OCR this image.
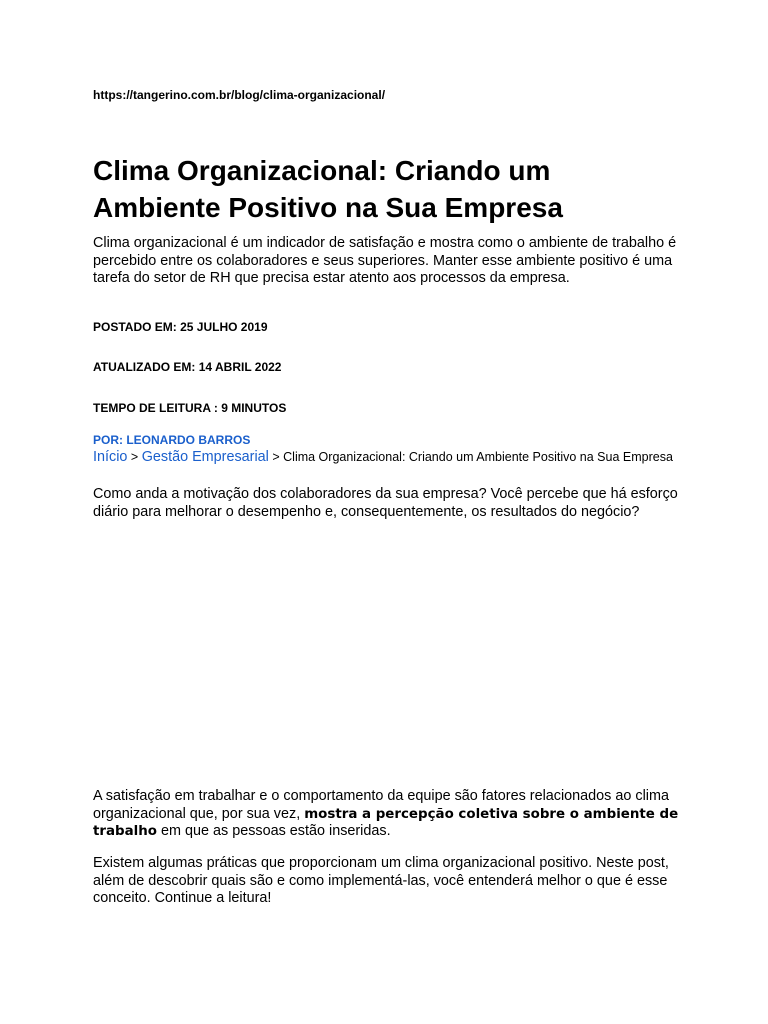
https://tangerino.com.br/blog/clima-organizacional/
Clima Organizacional: Criando um
Ambiente Positivo na Sua Empresa

Clima organizacional é um indicador de satisfação e mostra como o ambiente de trabalho é percebido entre os colaboradores e seus superiores. Manter esse ambiente positivo é uma tarefa do setor de RH que precisa estar atento aos processos da empresa.

POSTADO EM: 25 JULHO 2019

ATUALIZADO EM: 14 ABRIL 2022

TEMPO DE LEITURA : 9 MINUTOS

POR: LEONARDO BARROS

Início > Gestão Empresarial > Clima Organizacional: Criando um Ambiente Positivo na Sua Empresa

Como anda a motivação dos colaboradores da sua empresa? Você percebe que há esforço diário para melhorar o desempenho e, consequentemente, os resultados do negócio?

A satisfação em trabalhar e o comportamento da equipe são fatores relacionados ao clima organizacional que, por sua vez, mostra a percepção coletiva sobre o ambiente de trabalho em que as pessoas estão inseridas.

Existem algumas práticas que proporcionam um clima organizacional positivo. Neste post, além de descobrir quais são e como implementá-las, você entenderá melhor o que é esse conceito. Continue a leitura!
